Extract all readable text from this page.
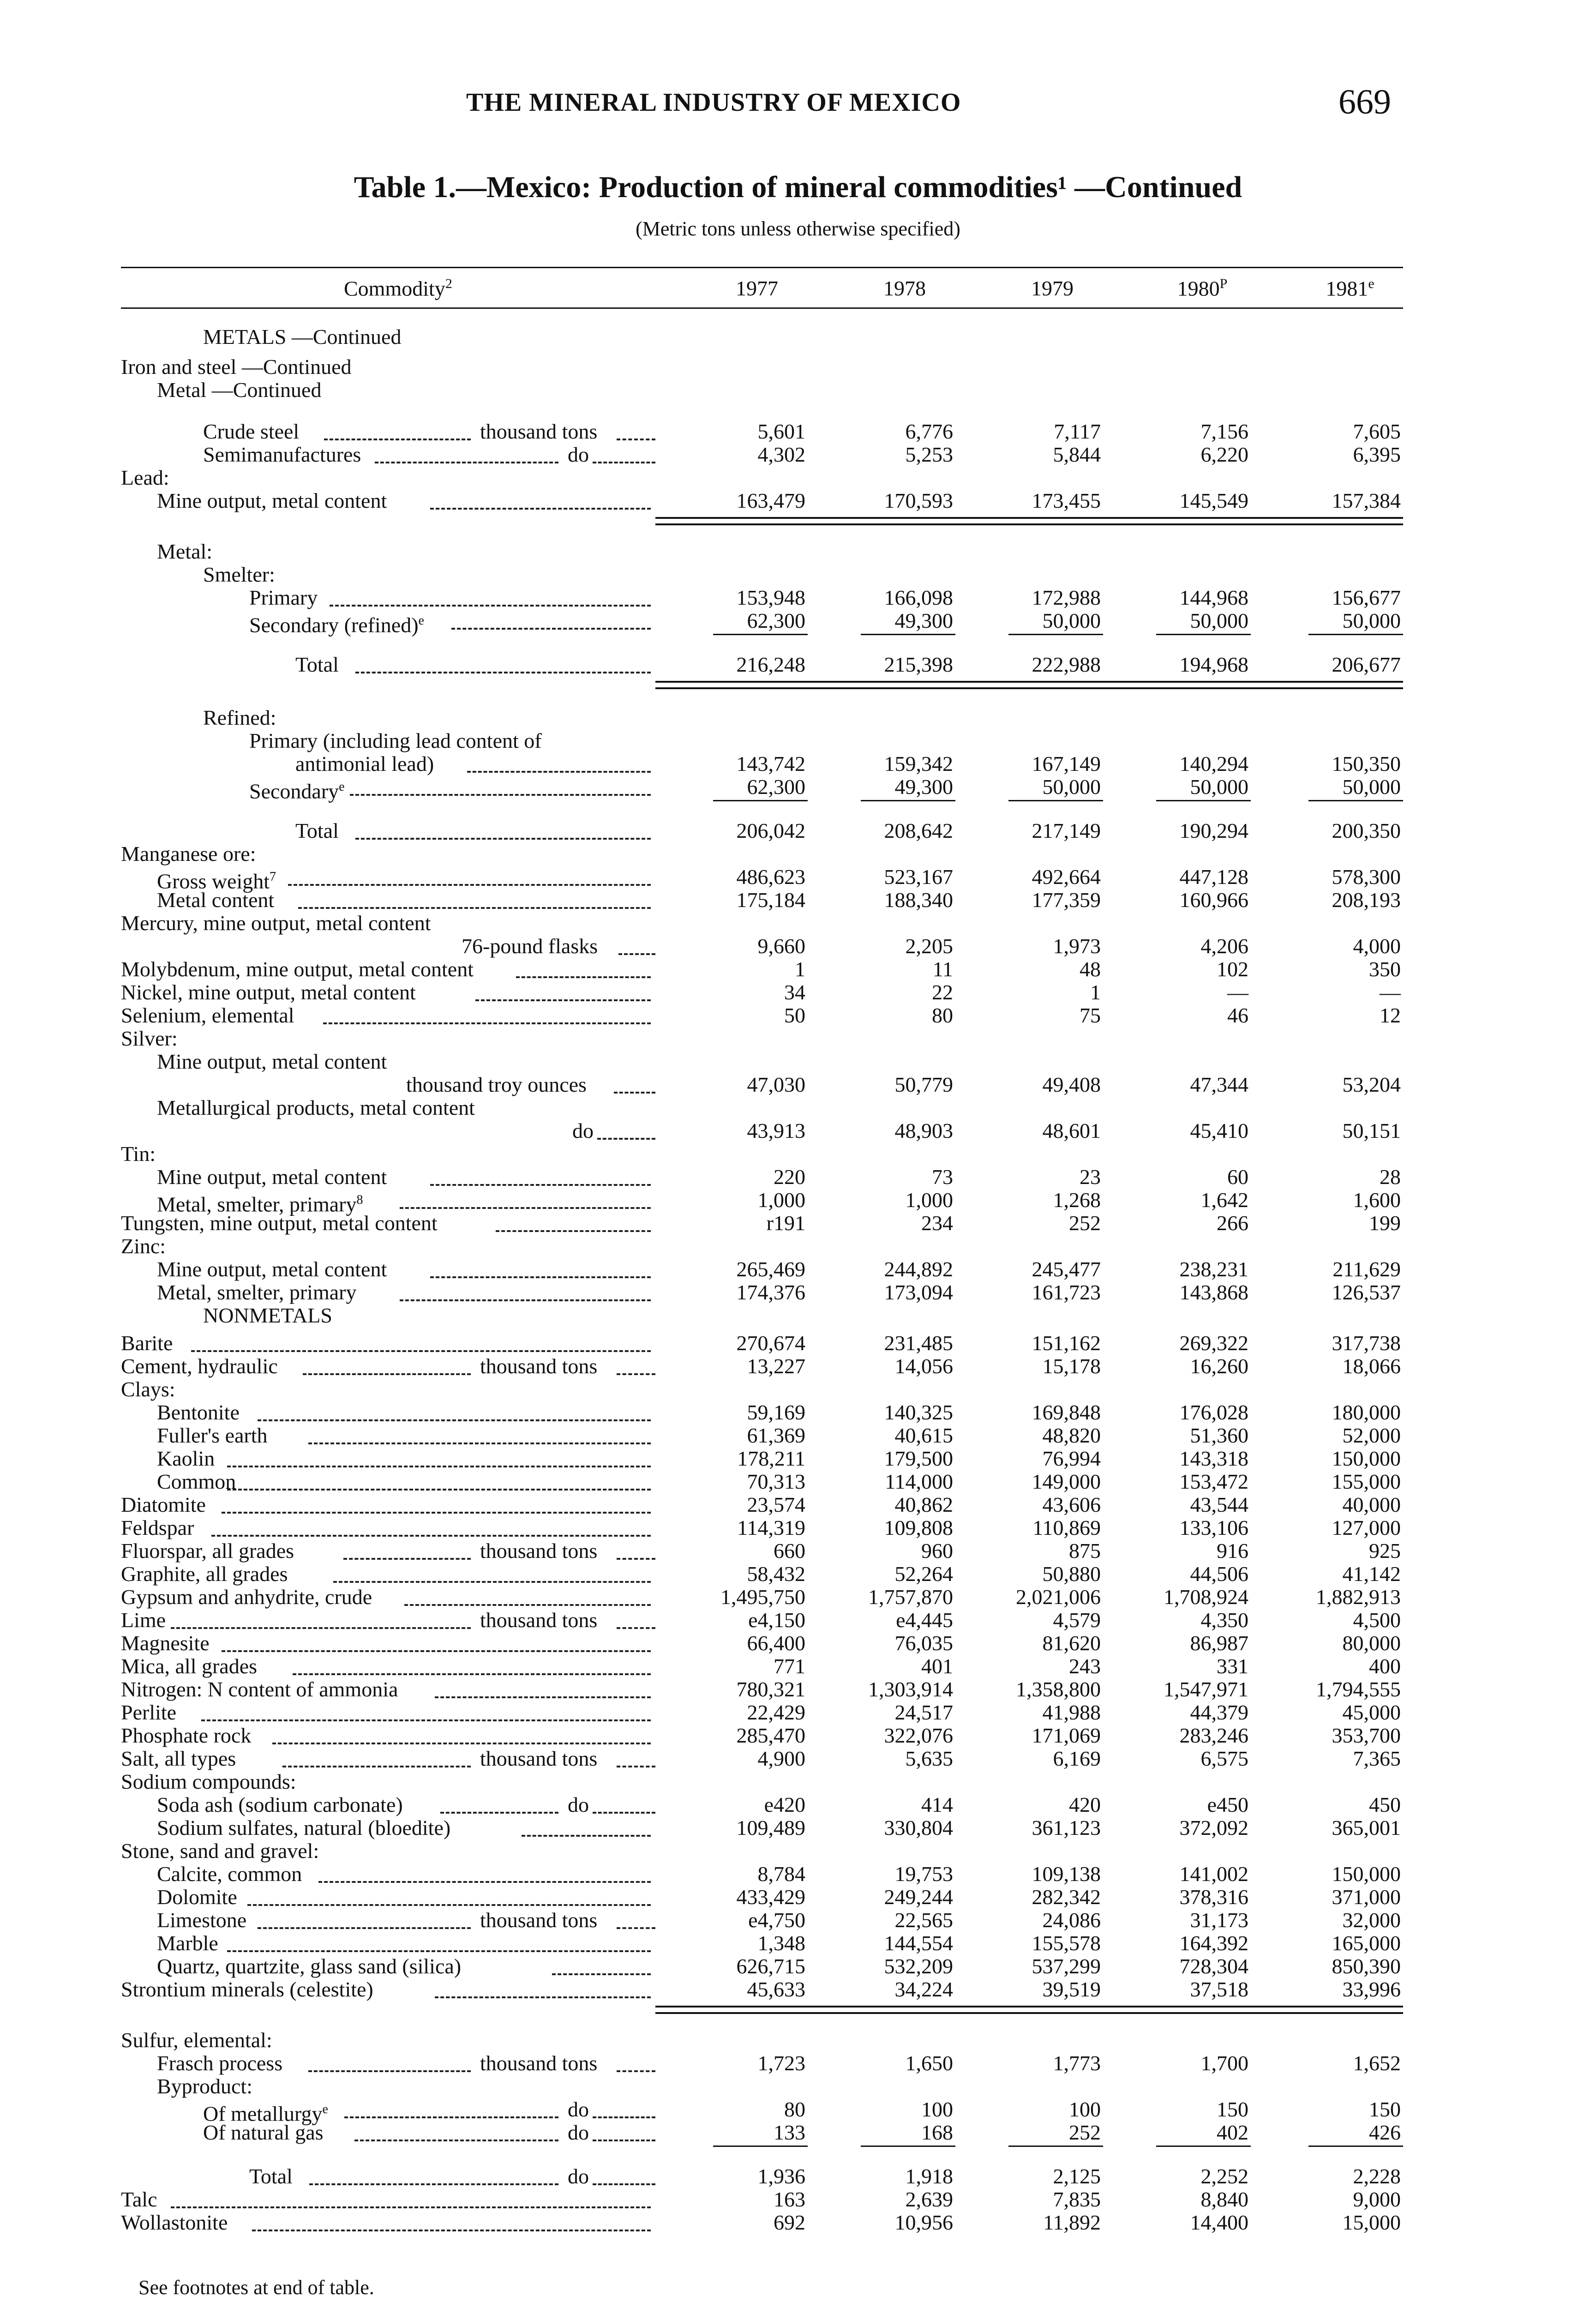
THE MINERAL INDUSTRY OF MEXICO	669
Table 1.—Mexico: Production of mineral commodities¹ —Continued
(Metric tons unless otherwise specified)
Commodity$^2$	1977	1978	1979	$1980^P$	1981e
METALS —Continued
Iron and steel —Continued
Metal —Continued
Crude steel	thousand tons	5,601	6,776	7,117	7,156	7,605
Semimanufactures	do	4,302	5,253	5,844	6,220	6,395
Lead:
Mine output, metal content	163,479	170,593	173,455	145,549	157,384
Metal:
Smelter:
Primary	153,948	166,098	172,988	144,968	156,677
Secondary (refined)$^e$	62,300	49,300	50,000	50,000	50,000
Total	216,248	215,398	222,988	194,968	206,677
Refined:
Primary (including lead content of
antimonial lead)	143,742	159,342	167,149	140,294	150,350
Secondary$^e$	62,300	49,300	50,000	50,000	50,000
Total	206,042	208,642	217,149	190,294	200,350
Manganese ore:
Gross weight$^7$	486,623	523,167	492,664	447,128	578,300
Metal content	175,184	188,340	177,359	160,966	208,193
Mercury, mine output, metal content
76-pound flasks	9,660	2,205	1,973	4,206	4,000
Molybdenum, mine output, metal content	1	11	48	102	350
Nickel, mine output, metal content	34	22	1	—	—
Selenium, elemental	50	80	75	46	12
Silver:
Mine output, metal content
thousand troy ounces	47,030	50,779	49,408	47,344	53,204
Metallurgical products, metal content
do	43,913	48,903	48,601	45,410	50,151
Tin:
Mine output, metal content	220	73	23	60	28
Metal, smelter, primary$^8$	1,000	1,000	1,268	1,642	1,600
Tungsten, mine output, metal content	r191	234	252	266	199
Zinc:
Mine output, metal content	265,469	244,892	245,477	238,231	211,629
Metal, smelter, primary	174,376	173,094	161,723	143,868	126,537
NONMETALS
Barite	270,674	231,485	151,162	269,322	317,738
Cement, hydraulic	thousand tons	13,227	14,056	15,178	16,260	18,066
Clays:
Bentonite	59,169	140,325	169,848	176,028	180,000
Fuller's earth	61,369	40,615	48,820	51,360	52,000
Kaolin	178,211	179,500	76,994	143,318	150,000
Common	70,313	114,000	149,000	153,472	155,000
Diatomite	23,574	40,862	43,606	43,544	40,000
Feldspar	114,319	109,808	110,869	133,106	127,000
Fluorspar, all grades	thousand tons	660	960	875	916	925
Graphite, all grades	58,432	52,264	50,880	44,506	41,142
Gypsum and anhydrite, crude	1,495,750	1,757,870	2,021,006	1,708,924	1,882,913
Lime	thousand tons	e4,150	e4,445	4,579	4,350	4,500
Magnesite	66,400	76,035	81,620	86,987	80,000
Mica, all grades	771	401	243	331	400
Nitrogen: N content of ammonia	780,321	1,303,914	1,358,800	1,547,971	1,794,555
Perlite	22,429	24,517	41,988	44,379	45,000
Phosphate rock	285,470	322,076	171,069	283,246	353,700
Salt, all types	thousand tons	4,900	5,635	6,169	6,575	7,365
Sodium compounds:
Soda ash (sodium carbonate)	do	e420	414	420	e450	450
Sodium sulfates, natural (bloedite)	109,489	330,804	361,123	372,092	365,001
Stone, sand and gravel:
Calcite, common	8,784	19,753	109,138	141,002	150,000
Dolomite	433,429	249,244	282,342	378,316	371,000
Limestone	thousand tons	e4,750	22,565	24,086	31,173	32,000
Marble	1,348	144,554	155,578	164,392	165,000
Quartz, quartzite, glass sand (silica)	626,715	532,209	537,299	728,304	850,390
Strontium minerals (celestite)	45,633	34,224	39,519	37,518	33,996
Sulfur, elemental:
Frasch process	thousand tons	1,723	1,650	1,773	1,700	1,652
Byproduct:
Of metallurgy$^e$	do	80	100	100	150	150
Of natural gas	do	133	168	252	402	426
Total	do	1,936	1,918	2,125	2,252	2,228
Talc	163	2,639	7,835	8,840	9,000
Wollastonite	692	10,956	11,892	14,400	15,000
See footnotes at end of table.
